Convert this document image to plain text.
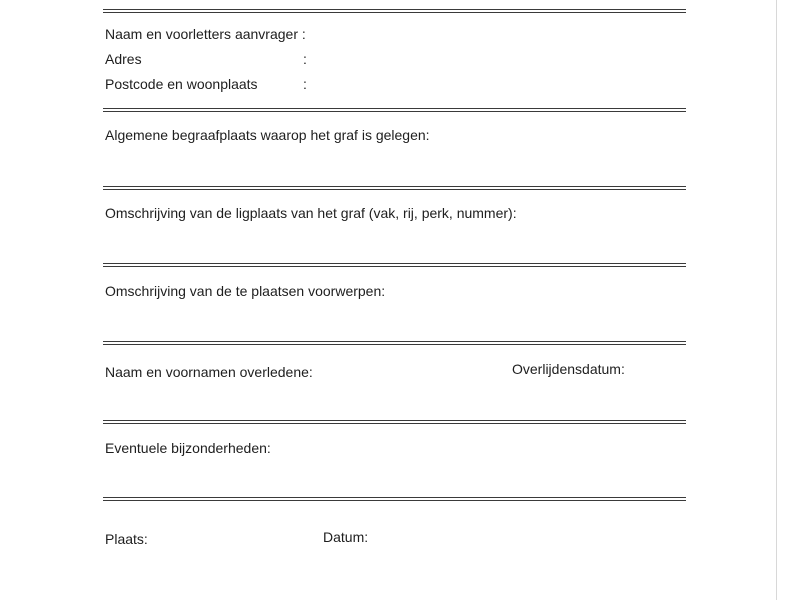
Naam en voorletters aanvrager :
Adres	:
Postcode en woonplaats	:
Algemene begraafplaats waarop het graf is gelegen:
Omschrijving van de ligplaats van het graf (vak, rij, perk, nummer):
Omschrijving van de te plaatsen voorwerpen:
Naam en voornamen overledene:	Overlijdensdatum:
Eventuele bijzonderheden:
Plaats:	Datum:
